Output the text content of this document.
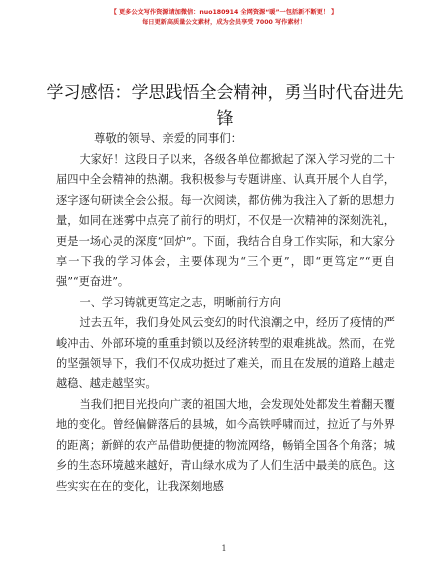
【 更多公文写作资源请加微信：nuo180914 全网资源“暖”一包括新不断更！ 】
每日更新高质量公文素材，成为会员享受 7000 写作素材！
学习感悟：学思践悟全会精神，勇当时代奋进先锋
尊敬的领导、亲爱的同事们：

大家好！这段日子以来，各级各单位都掀起了深入学习党的二十届四中全会精神的热潮。我积极参与专题讲座、认真开展个人自学，逐字逐句研读全会公报。每一次阅读，都仿佛为我注入了新的思想力量，如同在迷雾中点亮了前行的明灯，不仅是一次精神的深刻洗礼，更是一场心灵的深度“回炉”。下面，我结合自身工作实际，和大家分享一下我的学习体会，主要体现为“三个更”，即“更笃定”“更自强”“更奋进”。

一、学习铸就更笃定之志，明晰前行方向

过去五年，我们身处风云变幻的时代浪潮之中，经历了疫情的严峻冲击、外部环境的重重封锁以及经济转型的艰难挑战。然而，在党的坚强领导下，我们不仅成功挺过了难关，而且在发展的道路上越走越稳、越走越坚实。

当我们把目光投向广袤的祖国大地，会发现处处都发生着翻天覆地的变化。曾经偏僻落后的县城，如今高铁呼啸而过，拉近了与外界的距离；新鲜的农产品借助便捷的物流网络，畅销全国各个角落；城乡的生态环境越来越好，青山绿水成为了人们生活中最美的底色。这些实实在在的变化，让我深刻地感

1
